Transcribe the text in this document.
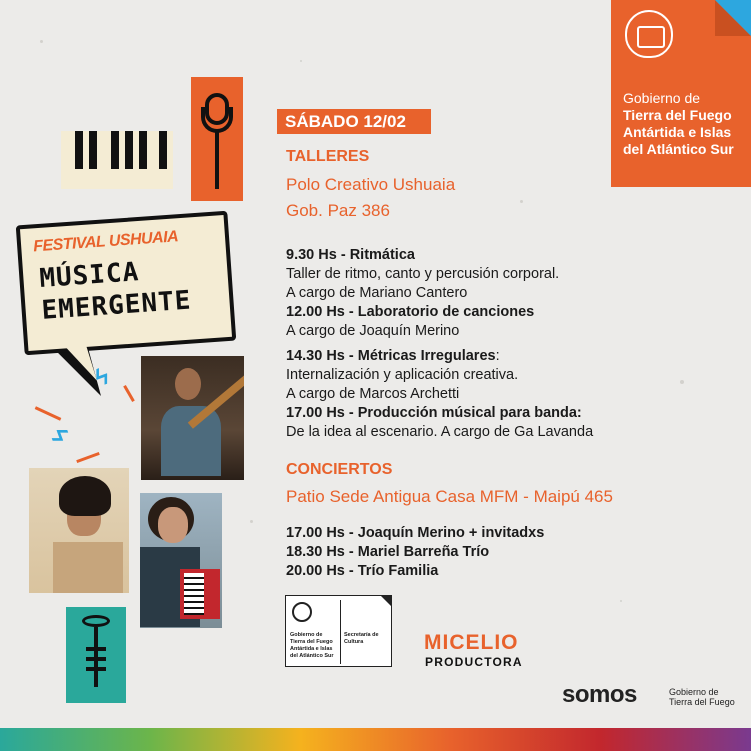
Gobierno de
Tierra del Fuego
Antártida e Islas
del Atlántico Sur
SÁBADO 12/02
TALLERES
Polo Creativo Ushuaia
Gob. Paz 386
9.30 Hs - Ritmática
Taller de ritmo, canto y percusión corporal.
A cargo de Mariano Cantero
12.00 Hs - Laboratorio de canciones
A cargo de Joaquín Merino
14.30 Hs - Métricas Irregulares:
Internalización y aplicación creativa.
A cargo de Marcos Archetti
17.00 Hs - Producción músical para banda:
De la idea al escenario. A cargo de Ga Lavanda
CONCIERTOS
Patio Sede Antigua Casa MFM - Maipú 465
17.00 Hs - Joaquín Merino + invitadxs
18.30 Hs - Mariel Barreña Trío
20.00 Hs - Trío Familia
FESTIVAL USHUAIA
MÚSICA
EMERGENTE
ϟ
ϟ
Gobierno de Tierra del Fuego Antártida e Islas del Atlántico Sur
Secretaría de Cultura	MICELIO
PRODUCTORA
somos	Gobierno de
Tierra del Fuego
